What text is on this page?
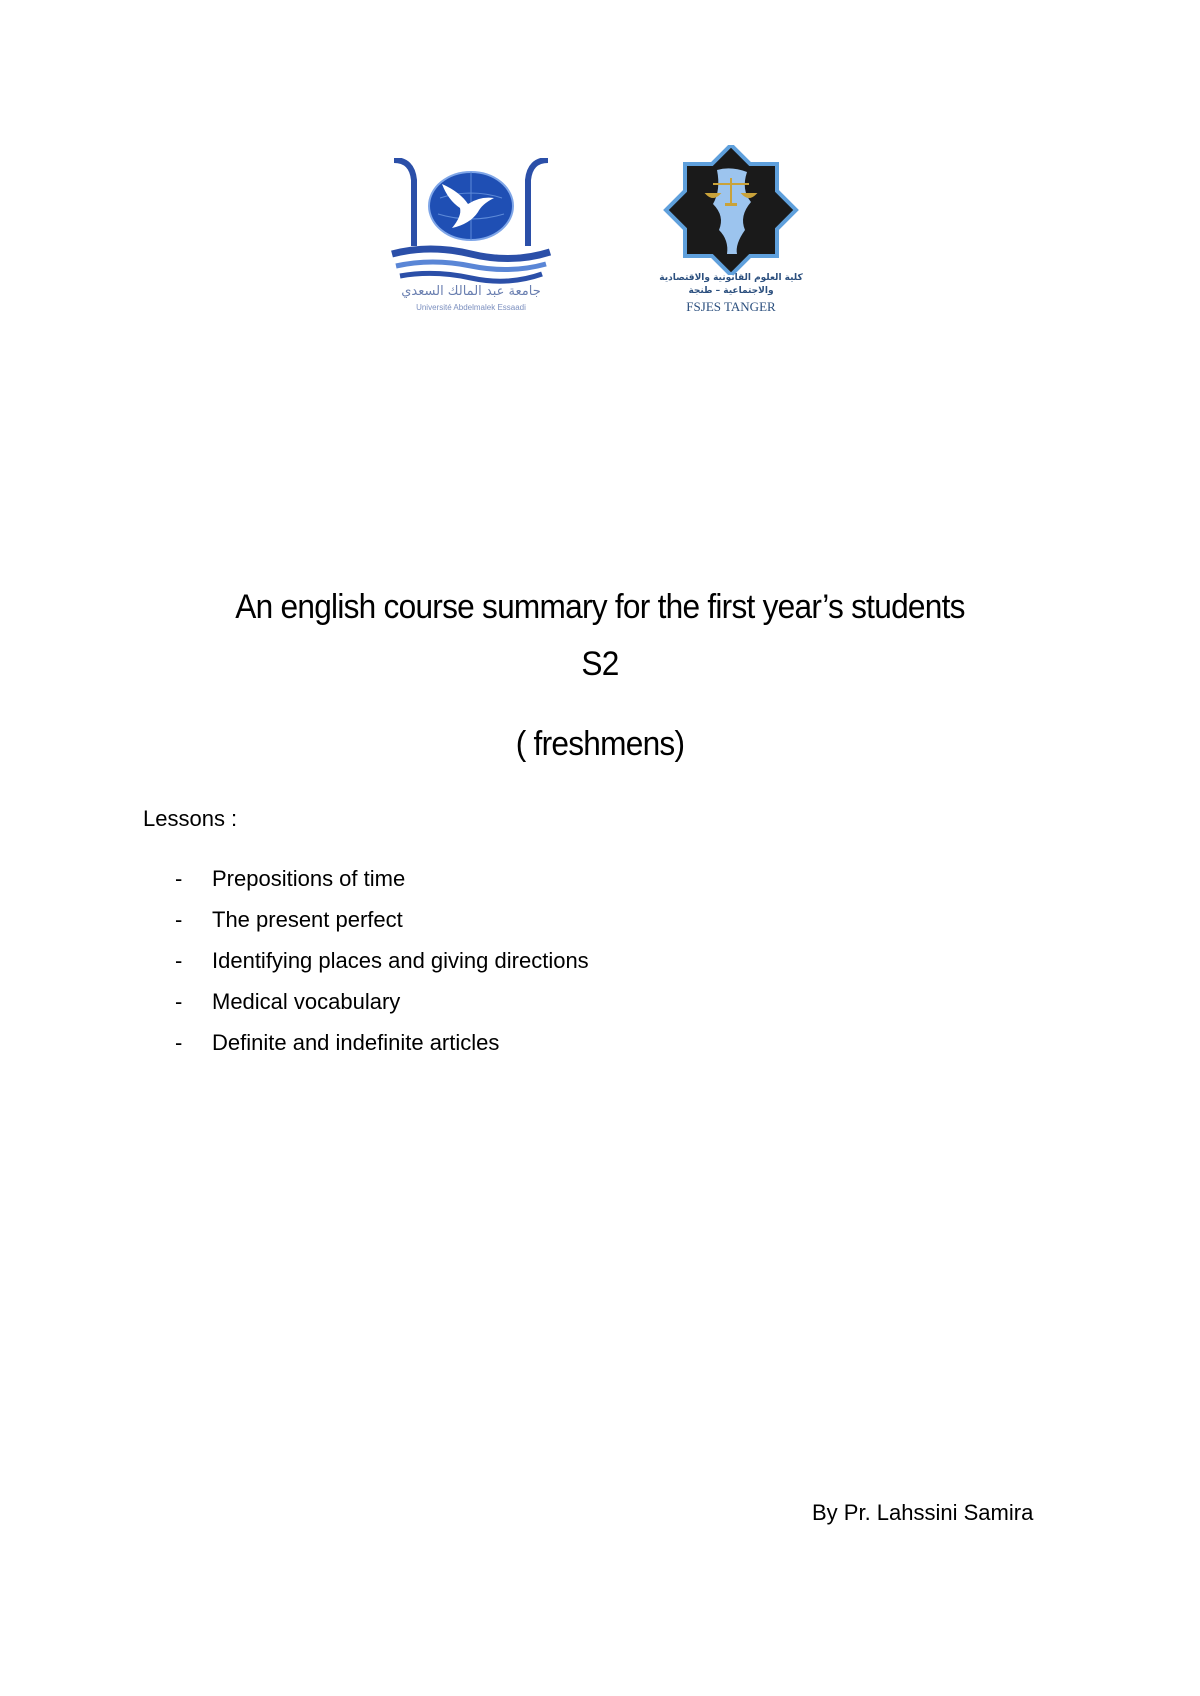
جامعة عبد المالك السعدي
Université Abdelmalek Essaadi
كلية العلوم القانونية والاقتصادية
والاجتماعية – طنجة
FSJES TANGER
An english course summary for the first year’s students
S2
( freshmens)
Lessons :
-	Prepositions of time
-	The present perfect
-	Identifying places and giving directions
-	Medical vocabulary
-	Definite and indefinite articles
By Pr. Lahssini Samira
